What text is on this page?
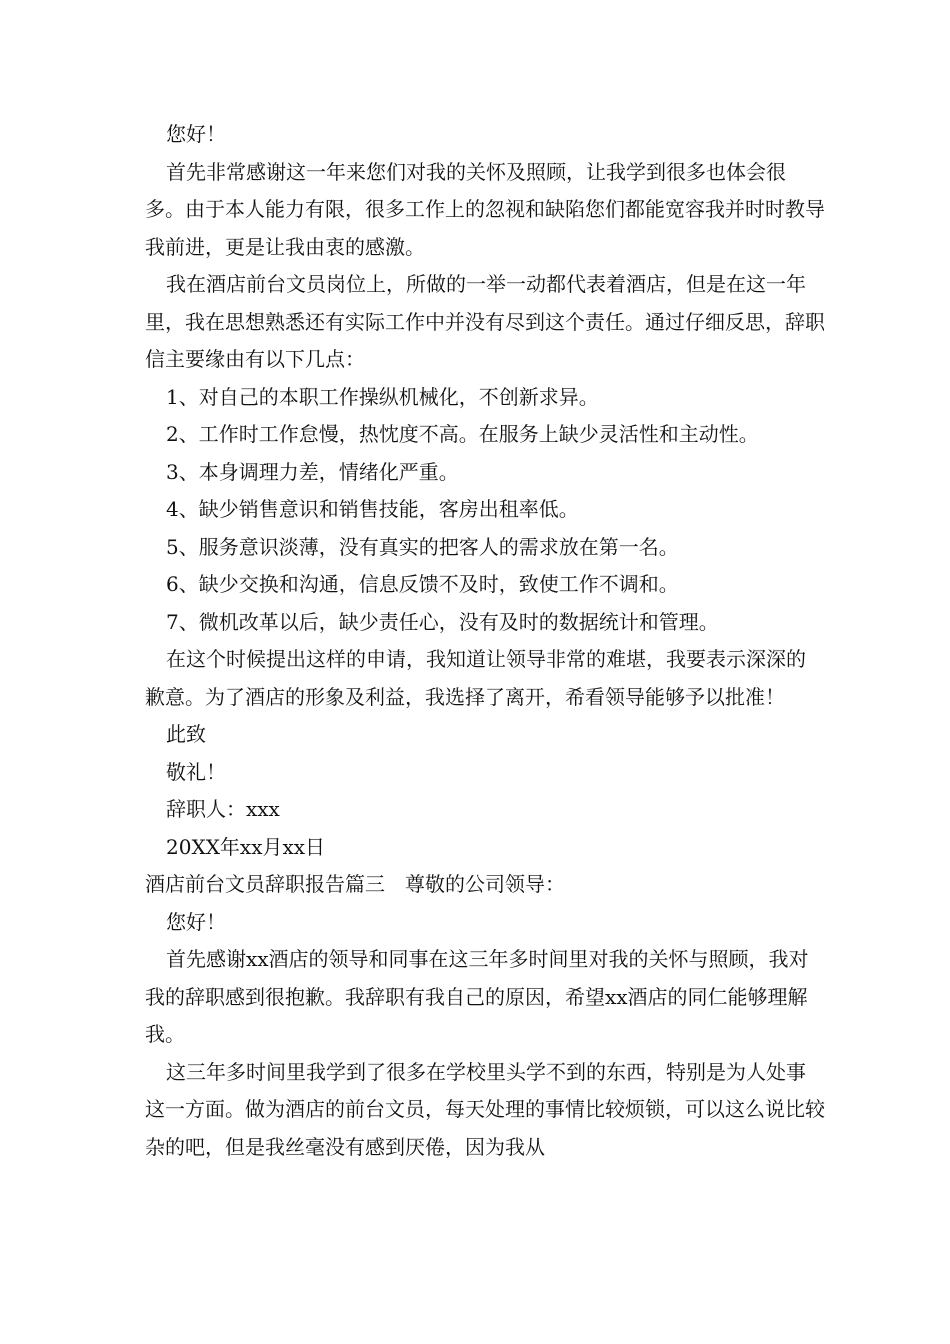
您好！

首先非常感谢这一年来您们对我的关怀及照顾，让我学到很多也体会很多。由于本人能力有限，很多工作上的忽视和缺陷您们都能宽容我并时时教导我前进，更是让我由衷的感激。

我在酒店前台文员岗位上，所做的一举一动都代表着酒店，但是在这一年里，我在思想熟悉还有实际工作中并没有尽到这个责任。通过仔细反思，辞职信主要缘由有以下几点：

1、对自己的本职工作操纵机械化，不创新求异。

2、工作时工作怠慢，热忱度不高。在服务上缺少灵活性和主动性。

3、本身调理力差，情绪化严重。

4、缺少销售意识和销售技能，客房出租率低。

5、服务意识淡薄，没有真实的把客人的需求放在第一名。

6、缺少交换和沟通，信息反馈不及时，致使工作不调和。

7、微机改革以后，缺少责任心，没有及时的数据统计和管理。

在这个时候提出这样的申请，我知道让领导非常的难堪，我要表示深深的歉意。为了酒店的形象及利益，我选择了离开，希看领导能够予以批准！

此致

敬礼！

辞职人：xxx

20XX年xx月xx日

酒店前台文员辞职报告篇三　尊敬的公司领导：

您好！

首先感谢xx酒店的领导和同事在这三年多时间里对我的关怀与照顾，我对我的辞职感到很抱歉。我辞职有我自己的原因，希望xx酒店的同仁能够理解我。

这三年多时间里我学到了很多在学校里头学不到的东西，特别是为人处事这一方面。做为酒店的前台文员，每天处理的事情比较烦锁，可以这么说比较杂的吧，但是我丝毫没有感到厌倦，因为我从
